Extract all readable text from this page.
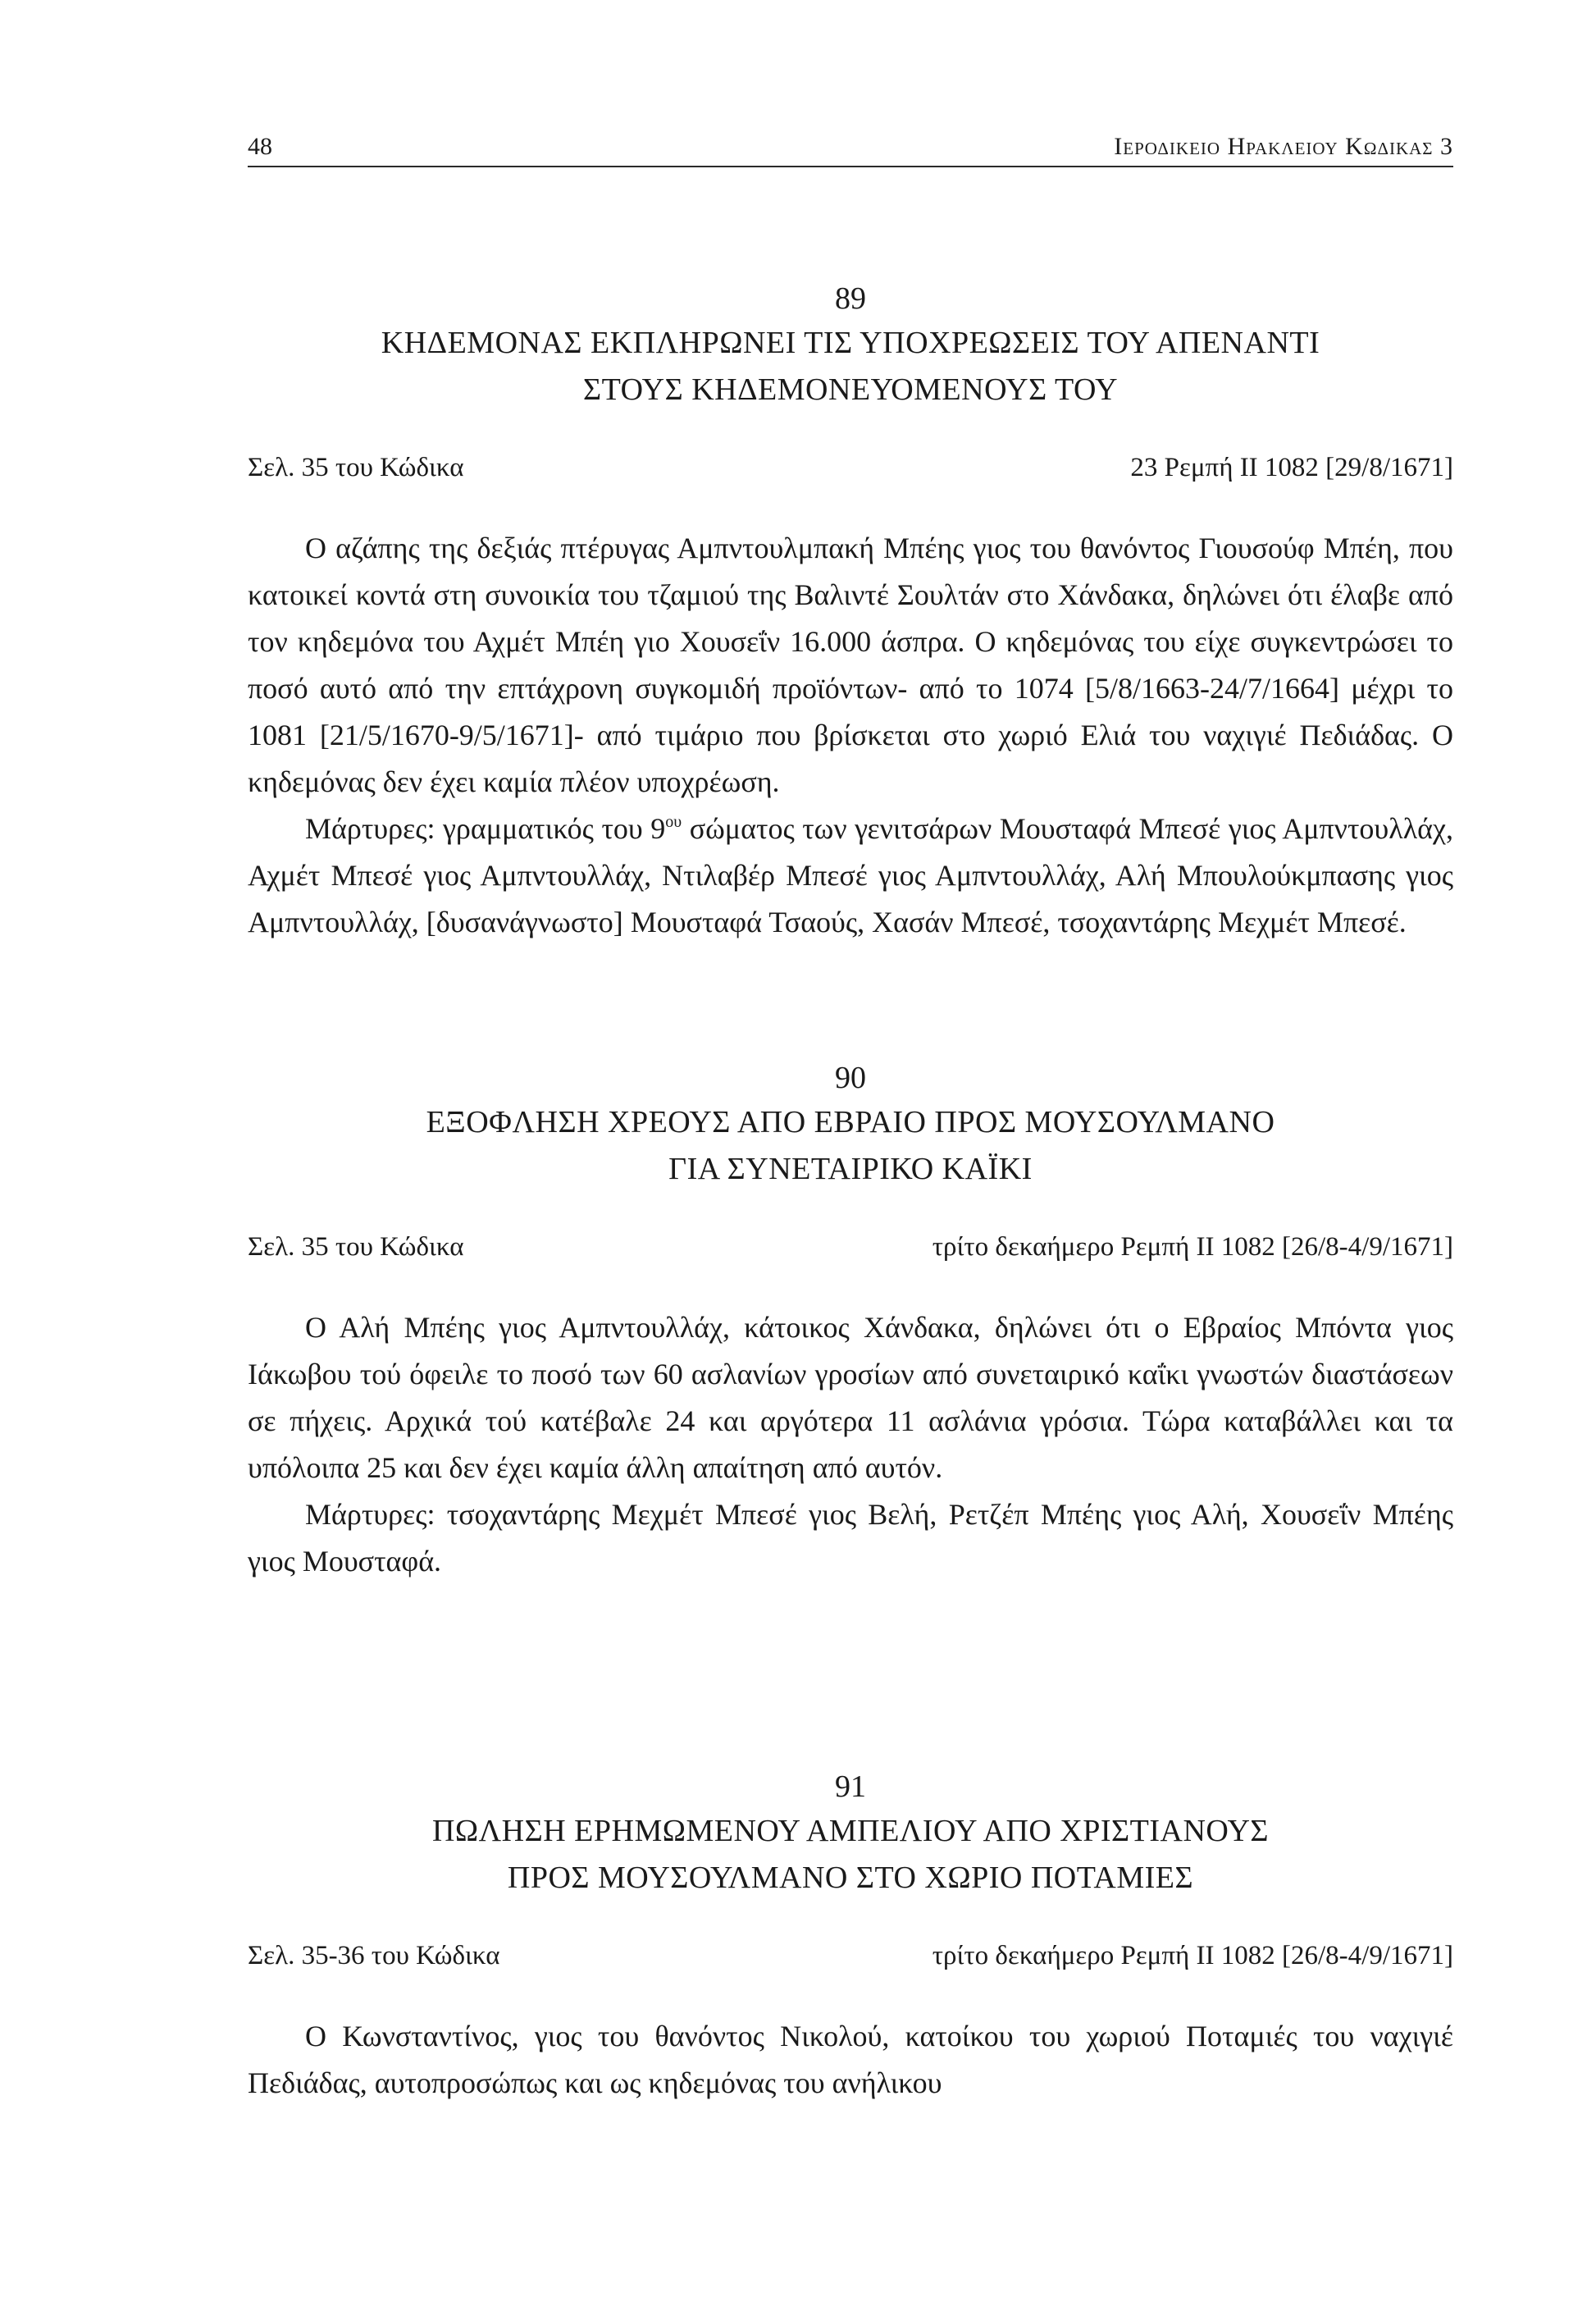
48	Ιεροδικειο Ηρακλειου Κωδικας 3

89

ΚΗΔΕΜΟΝΑΣ ΕΚΠΛΗΡΩΝΕΙ ΤΙΣ ΥΠΟΧΡΕΩΣΕΙΣ ΤΟΥ ΑΠΕΝΑΝΤΙ
ΣΤΟΥΣ ΚΗΔΕΜΟΝΕΥΟΜΕΝΟΥΣ ΤΟΥ
Σελ. 35 του Κώδικα	23 Ρεμπή ΙΙ 1082 [29/8/1671]

Ο αζάπης της δεξιάς πτέρυγας Αμπντουλμπακή Μπέης γιος του θανόντος Γιουσούφ Μπέη, που κατοικεί κοντά στη συνοικία του τζαμιού της Βαλιντέ Σουλτάν στο Χάνδακα, δηλώνει ότι έλαβε από τον κηδεμόνα του Αχμέτ Μπέη γιο Χουσεΐν 16.000 άσπρα. Ο κηδεμόνας του είχε συγκεντρώσει το ποσό αυτό από την επτάχρονη συγκομιδή προϊόντων- από το 1074 [5/8/1663-24/7/1664] μέχρι το 1081 [21/5/1670-9/5/1671]- από τιμάριο που βρίσκεται στο χωριό Ελιά του ναχιγιέ Πεδιάδας. Ο κηδεμόνας δεν έχει καμία πλέον υποχρέωση.

Μάρτυρες: γραμματικός του $9^{o\upsilon}$ σώματος των γενιτσάρων Μουσταφά Μπεσέ γιος Αμπντουλλάχ, Αχμέτ Μπεσέ γιος Αμπντουλλάχ, Ντιλαβέρ Μπεσέ γιος Αμπντουλλάχ, Αλή Μπουλούκμπασης γιος Αμπντουλλάχ, [δυσανάγνωστο] Μουσταφά Τσαούς, Χασάν Μπεσέ, τσοχαντάρης Μεχμέτ Μπεσέ.

90

ΕΞΟΦΛΗΣΗ ΧΡΕΟΥΣ ΑΠΟ ΕΒΡΑΙΟ ΠΡΟΣ ΜΟΥΣΟΥΛΜΑΝΟ
ΓΙΑ ΣΥΝΕΤΑΙΡΙΚΟ ΚΑΪΚΙ
Σελ. 35 του Κώδικα	τρίτο δεκαήμερο Ρεμπή ΙΙ 1082 [26/8-4/9/1671]

Ο Αλή Μπέης γιος Αμπντουλλάχ, κάτοικος Χάνδακα, δηλώνει ότι ο Εβραίος Μπόντα γιος Ιάκωβου τού όφειλε το ποσό των 60 ασλανίων γροσίων από συνεταιρικό καΐκι γνωστών διαστάσεων σε πήχεις. Αρχικά τού κατέβαλε 24 και αργότερα 11 ασλάνια γρόσια. Τώρα καταβάλλει και τα υπόλοιπα 25 και δεν έχει καμία άλλη απαίτηση από αυτόν.

Μάρτυρες: τσοχαντάρης Μεχμέτ Μπεσέ γιος Βελή, Ρετζέπ Μπέης γιος Αλή, Χουσεΐν Μπέης γιος Μουσταφά.

91

ΠΩΛΗΣΗ ΕΡΗΜΩΜΕΝΟΥ ΑΜΠΕΛΙΟΥ ΑΠΟ ΧΡΙΣΤΙΑΝΟΥΣ
ΠΡΟΣ ΜΟΥΣΟΥΛΜΑΝΟ ΣΤΟ ΧΩΡΙΟ ΠΟΤΑΜΙΕΣ
Σελ. 35-36 του Κώδικα	τρίτο δεκαήμερο Ρεμπή ΙΙ 1082 [26/8-4/9/1671]

Ο Κωνσταντίνος, γιος του θανόντος Νικολού, κατοίκου του χωριού Ποταμιές του ναχιγιέ Πεδιάδας, αυτοπροσώπως και ως κηδεμόνας του ανήλικου
